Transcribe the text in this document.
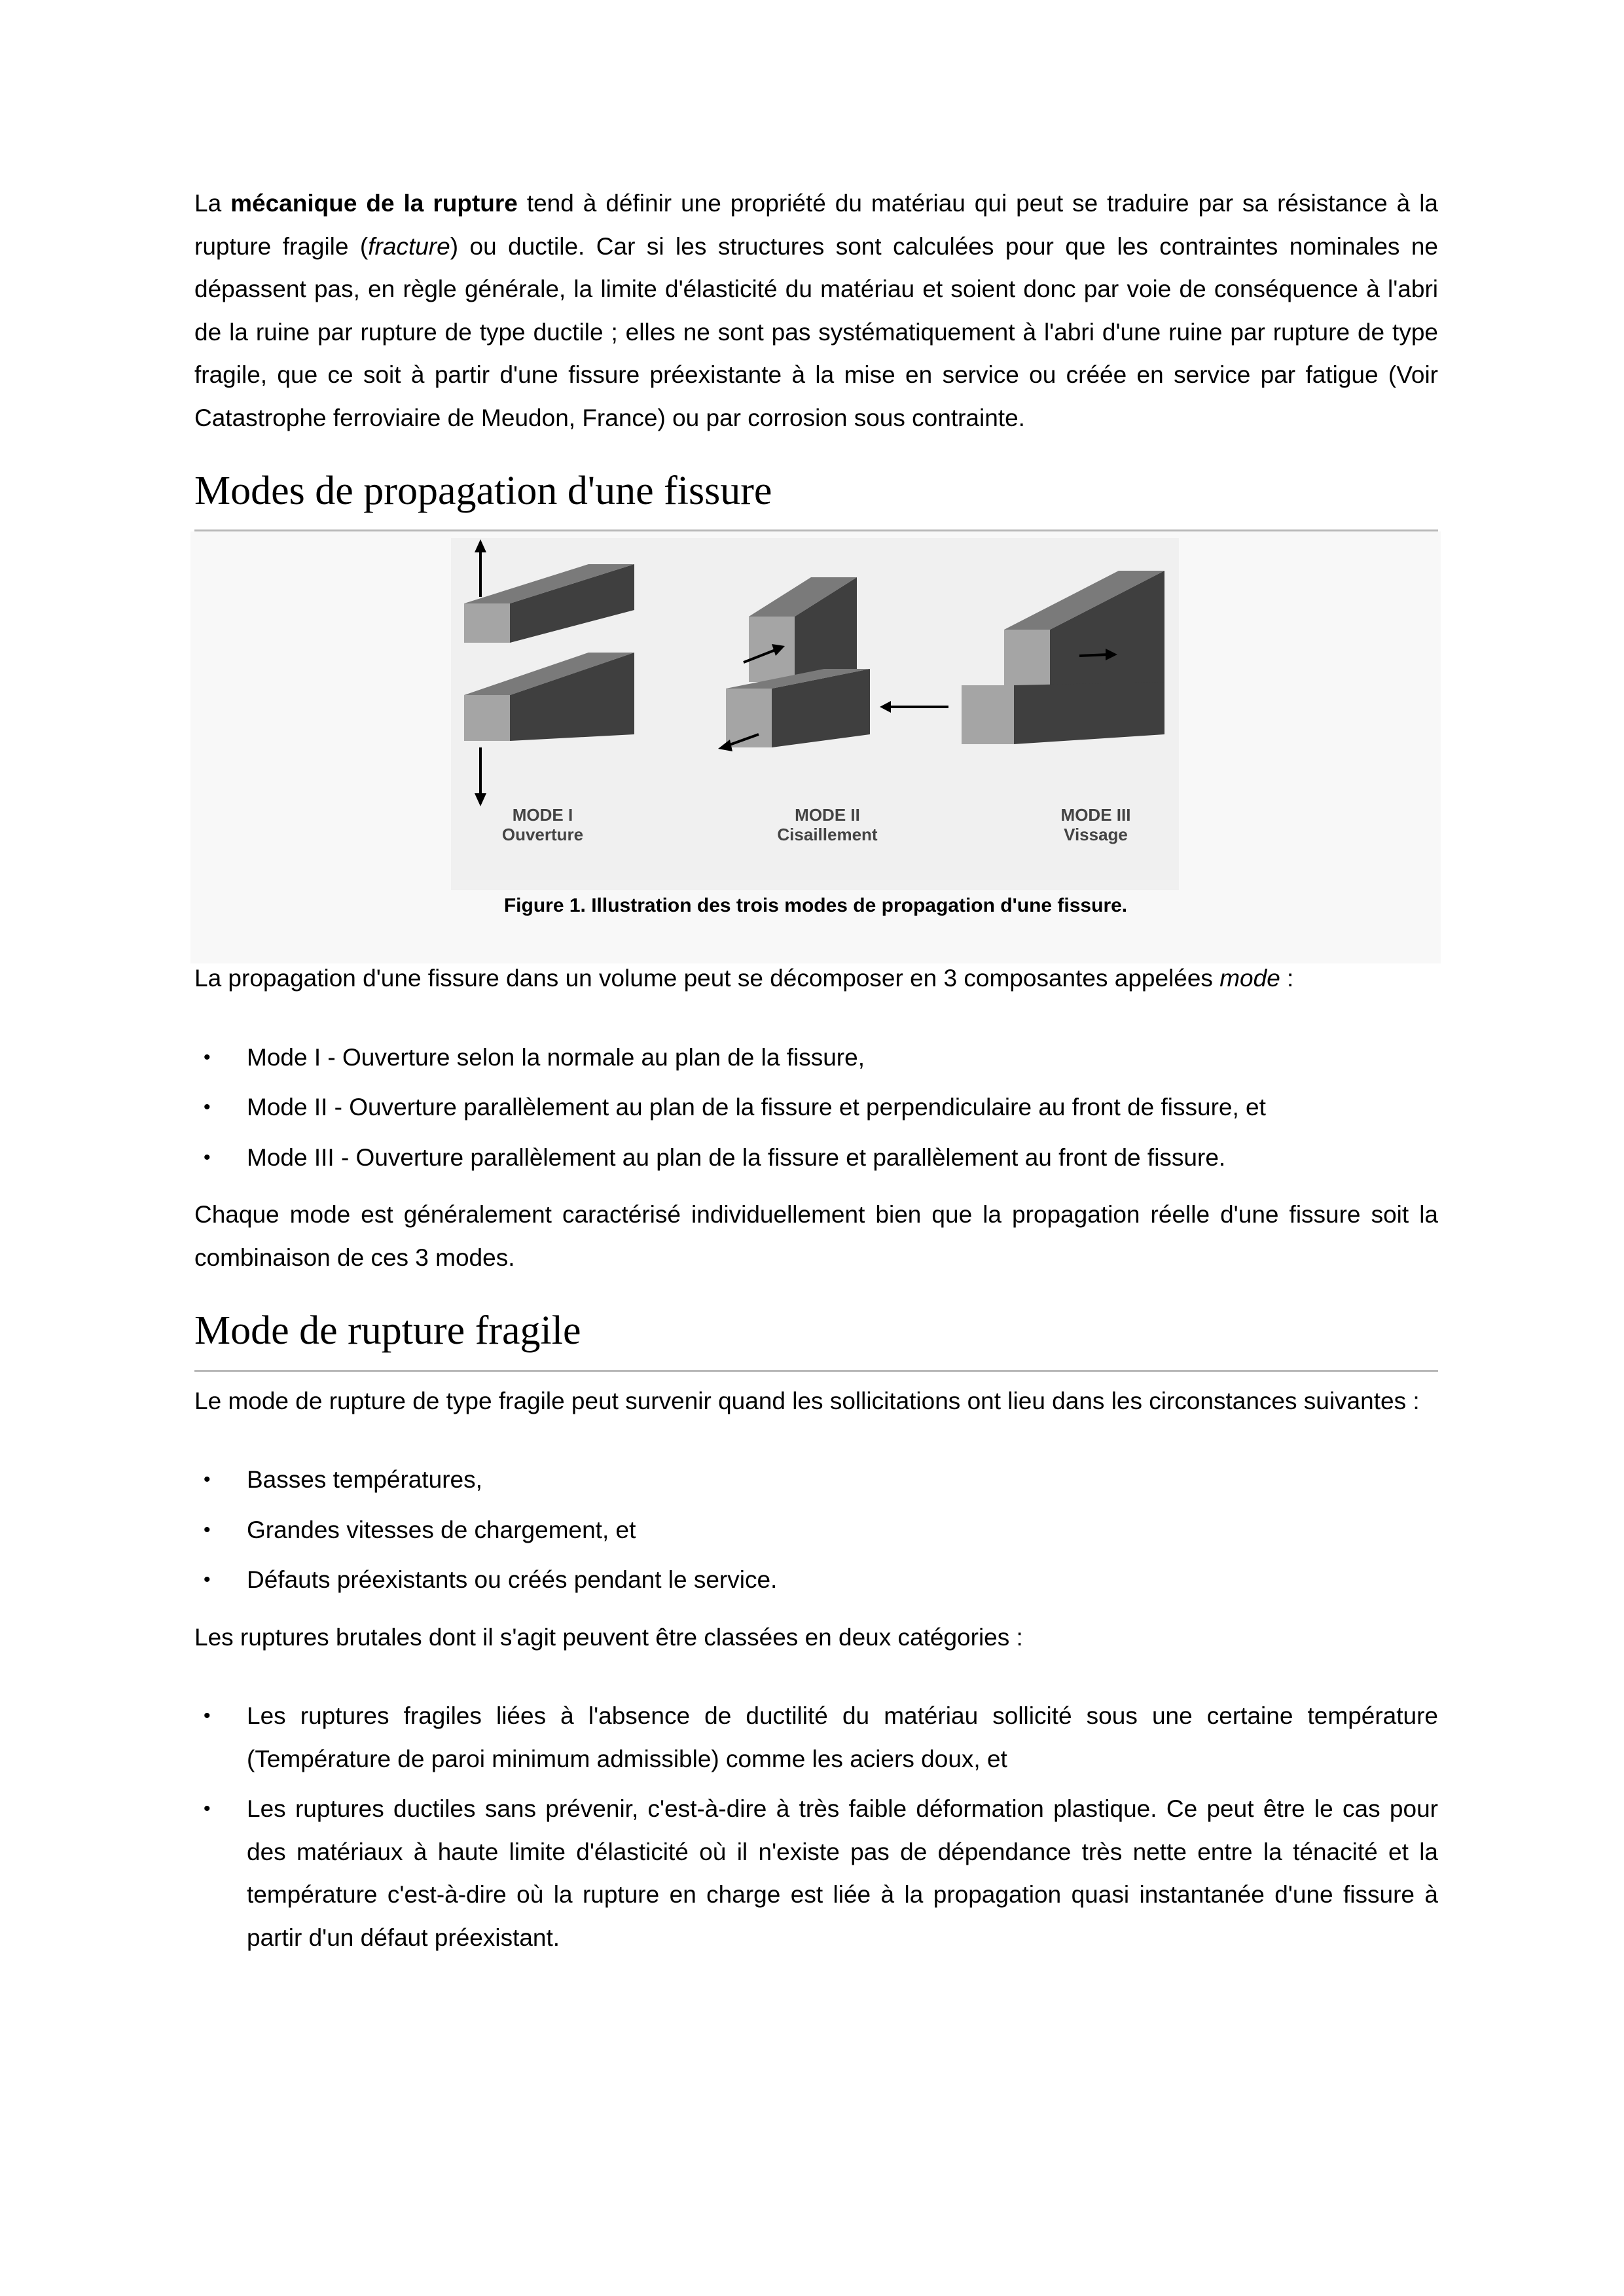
La mécanique de la rupture tend à définir une propriété du matériau qui peut se traduire par sa résistance à la rupture fragile (fracture) ou ductile. Car si les structures sont calculées pour que les contraintes nominales ne dépassent pas, en règle générale, la limite d'élasticité du matériau et soient donc par voie de conséquence à l'abri de la ruine par rupture de type ductile ; elles ne sont pas systématiquement à l'abri d'une ruine par rupture de type fragile, que ce soit à partir d'une fissure préexistante à la mise en service ou créée en service par fatigue (Voir Catastrophe ferroviaire de Meudon, France) ou par corrosion sous contrainte.

Modes de propagation d'une fissure
MODE I
Ouverture
MODE II
Cisaillement
MODE III
Vissage
Figure 1. Illustration des trois modes de propagation d'une fissure.

La propagation d'une fissure dans un volume peut se décomposer en 3 composantes appelées mode :

•	Mode I - Ouverture selon la normale au plan de la fissure,
•	Mode II - Ouverture parallèlement au plan de la fissure et perpendiculaire au front de fissure, et
•	Mode III - Ouverture parallèlement au plan de la fissure et parallèlement au front de fissure.

Chaque mode est généralement caractérisé individuellement bien que la propagation réelle d'une fissure soit la combinaison de ces 3 modes.

Mode de rupture fragile

Le mode de rupture de type fragile peut survenir quand les sollicitations ont lieu dans les circonstances suivantes :

•	Basses températures,
•	Grandes vitesses de chargement, et
•	Défauts préexistants ou créés pendant le service.

Les ruptures brutales dont il s'agit peuvent être classées en deux catégories :

•	Les ruptures fragiles liées à l'absence de ductilité du matériau sollicité sous une certaine température (Température de paroi minimum admissible) comme les aciers doux, et
•	Les ruptures ductiles sans prévenir, c'est-à-dire à très faible déformation plastique. Ce peut être le cas pour des matériaux à haute limite d'élasticité où il n'existe pas de dépendance très nette entre la ténacité et la température c'est-à-dire où la rupture en charge est liée à la propagation quasi instantanée d'une fissure à partir d'un défaut préexistant.
